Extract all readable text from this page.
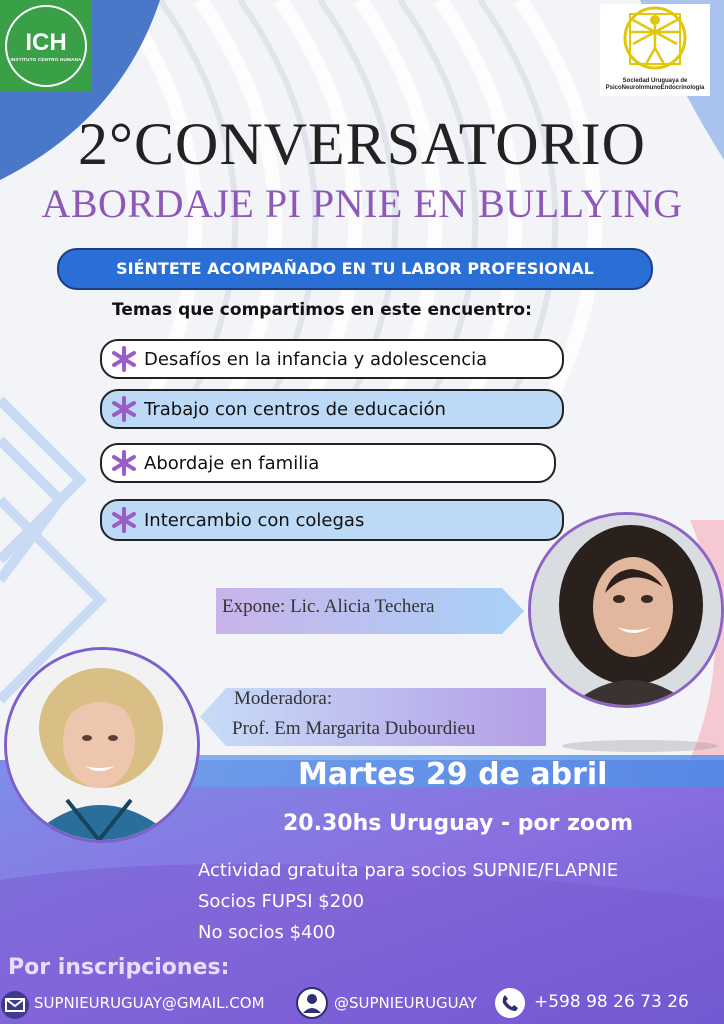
ICH
INSTITUTO CENTRO HUMANA
Sociedad Uruguaya de
PsicoNeuroInmunoEndocrinología
2°CONVERSATORIO
ABORDAJE PI PNIE EN BULLYING
SIÉNTETE ACOMPAÑADO EN TU LABOR PROFESIONAL
Temas que compartimos en este encuentro:
Desafíos en la infancia y adolescencia
Trabajo con centros de educación
Abordaje en familia
Intercambio con colegas
Expone: Lic. Alicia Techera
Moderadora:
Prof. Em Margarita Dubourdieu
Martes 29 de abril
20.30hs Uruguay - por zoom
Actividad gratuita para socios SUPNIE/FLAPNIE
Socios FUPSI $200
No socios $400
Por inscripciones:
SUPNIEURUGUAY@GMAIL.COM	@SUPNIEURUGUAY	+598 98 26 73 26
